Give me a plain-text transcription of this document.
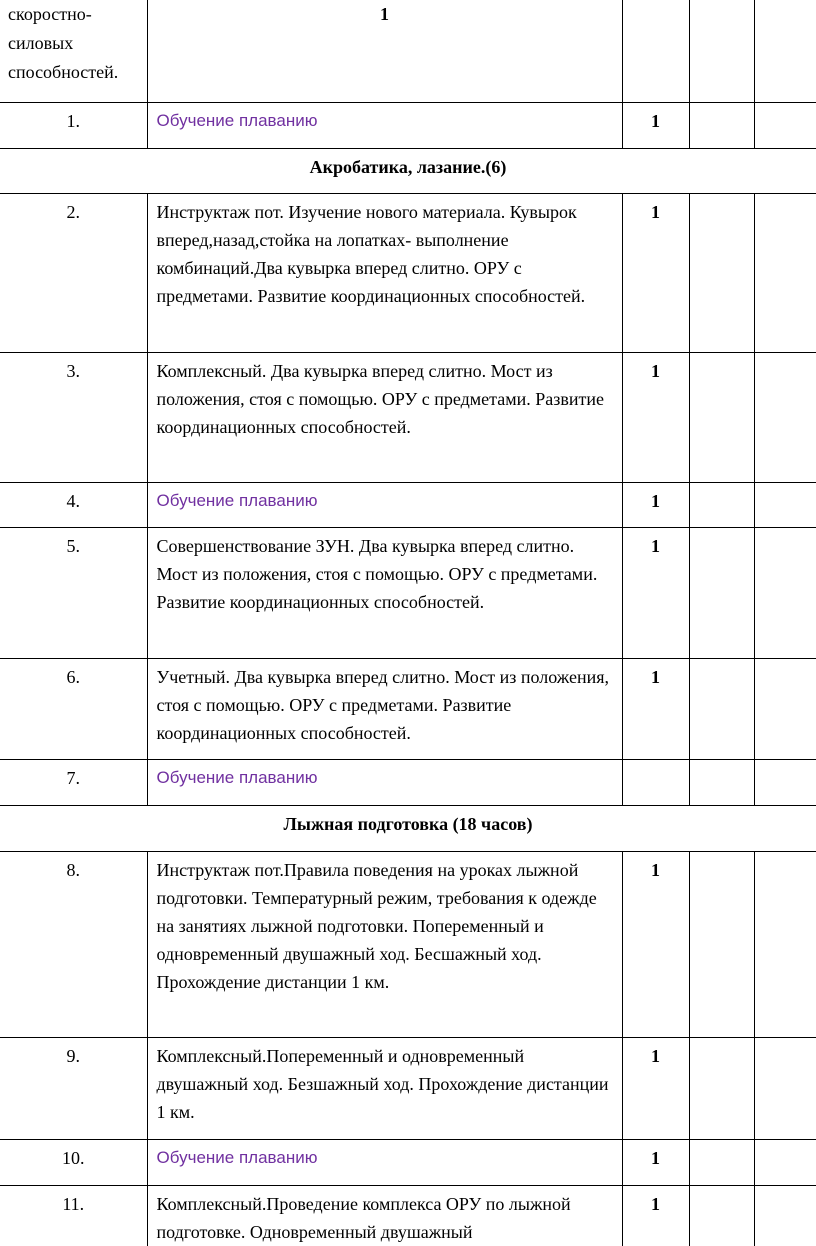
скоростно-
силовых
способностей.	1			
1.	Обучение плаванию	1		
Акробатика, лазание.(6)				
2.	Инструктаж пот. Изучение нового материала. Кувырок вперед,назад,стойка на лопатках- выполнение комбинаций.Два кувырка вперед слитно. ОРУ с предметами. Развитие координационных способностей.	1		
3.	Комплексный. Два кувырка вперед слитно. Мост из положения, стоя с помощью. ОРУ с предметами. Развитие координационных способностей.	1		
4.	Обучение плаванию	1		
5.	Совершенствование ЗУН. Два кувырка вперед слитно. Мост из положения, стоя с помощью. ОРУ с предметами. Развитие координационных способностей.	1		
6.	Учетный. Два кувырка вперед слитно. Мост из положения, стоя с помощью. ОРУ с предметами. Развитие координационных способностей.	1		
7.	Обучение плаванию			
Лыжная подготовка (18 часов)				
8.	Инструктаж пот.Правила поведения на уроках лыжной подготовки. Температурный режим, требования к одежде на занятиях лыжной подготовки. Попеременный и одновременный двушажный ход. Бесшажный ход. Прохождение дистанции 1 км.	1		
9.	Комплексный.Попеременный и одновременный двушажный ход. Безшажный ход. Прохождение дистанции 1 км.	1		
10.	Обучение плаванию	1		
11.	Комплексный.Проведение комплекса ОРУ по лыжной подготовке. Одновременный двушажный	1		
